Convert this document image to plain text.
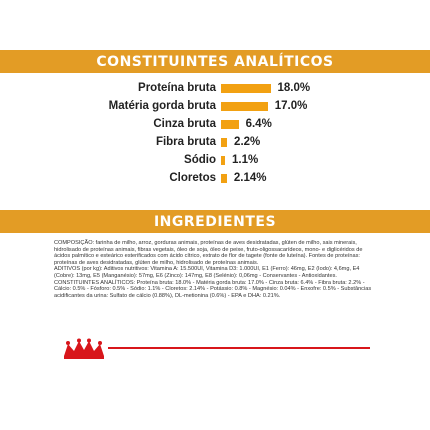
CONSTITUINTES ANALÍTICOS
Proteína bruta	18.0%
Matéria gorda bruta	17.0%
Cinza bruta	6.4%
Fibra bruta 2.2%
Sódio 1.1%
Cloretos 2.14%
INGREDIENTES

COMPOSIÇÃO: farinha de milho, arroz, gorduras animais, proteínas de aves desidratadas, glúten de milho, sais minerais, hidrolisado de proteínas animais, fibras vegetais, óleo de soja, óleo de peixe, fruto-oligossacarídeos, mono- e diglicéridos de ácidos palmítico e esteárico esterificados com ácido cítrico, extrato de flor de tagete (fonte de luteína). Fontes de proteínas: proteínas de aves desidratadas, glúten de milho, hidrolisado de proteínas animais.

ADITIVOS (por kg): Aditivos nutritivos: Vitamina A: 15.500UI, Vitamina D3: 1.000UI, E1 (Ferro): 46mg, E2 (Iodo): 4,6mg, E4 (Cobre): 13mg, E5 (Manganésio): 57mg, E6 (Zinco): 147mg, E8 (Selénio): 0,06mg - Conservantes - Antioxidantes.

CONSTITUINTES ANALÍTICOS: Proteína bruta: 18.0% - Matéria gorda bruta: 17.0% - Cinza bruta: 6.4% - Fibra bruta: 2.2% - Cálcio: 0.5% - Fósforo: 0.5% - Sódio: 1.1% - Cloretos: 2.14% - Potássio: 0.8% - Magnésio: 0.04% - Enxofre: 0.5% - Substâncias acidificantes da urina: Sulfato de cálcio (0.88%), DL-metionina (0.6%) - EPA e DHA: 0.21%.
